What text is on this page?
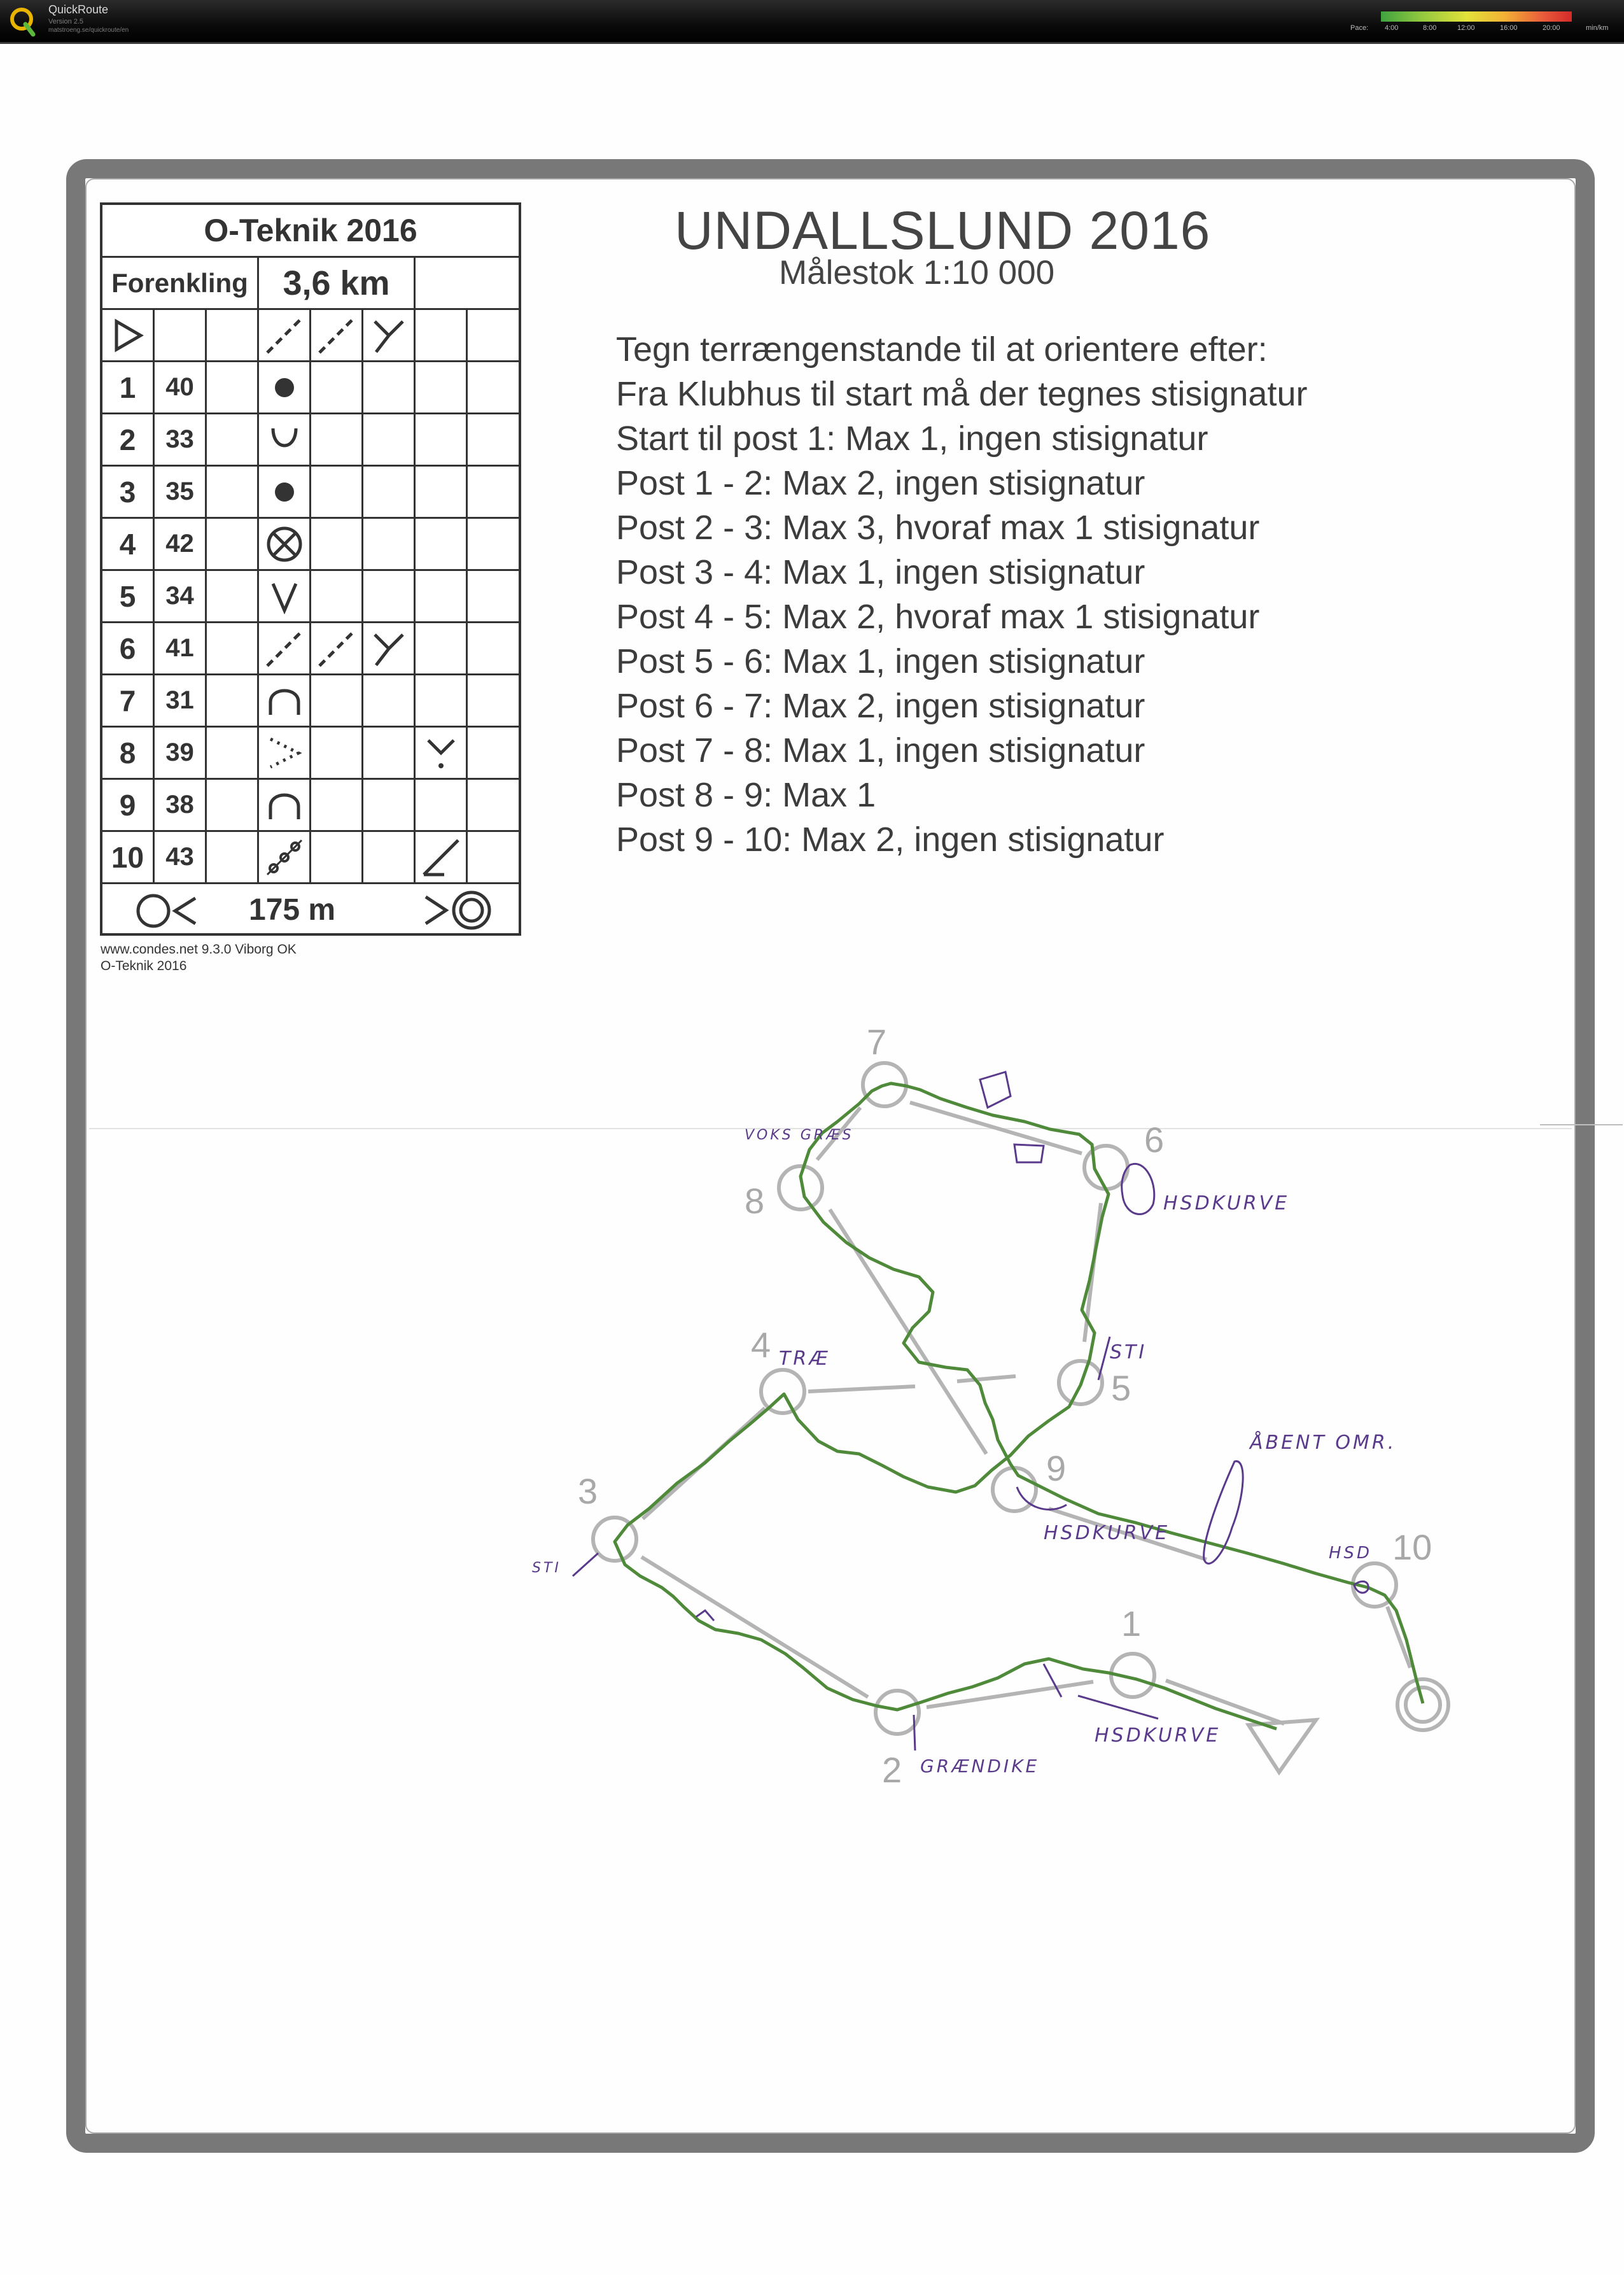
QuickRoute
Version 2.5
matstroeng.se/quickroute/en	Pace: 4:00	8:00	12:00	16:00	20:00	min/km
O-Teknik 2016
Forenkling	3,6 km
1	40
2	33
3	35
4	42
5	34
6	41
7	31
8	39
9	38
10 43
175 m
www.condes.net 9.3.0 Viborg OK
O-Teknik 2016
UNDALLSLUND 2016
Målestok 1:10 000
Tegn terrængenstande til at orientere efter:
Fra Klubhus til start må der tegnes stisignatur
Start til post 1: Max 1, ingen stisignatur
Post 1 - 2: Max 2, ingen stisignatur
Post 2 - 3: Max 3, hvoraf max 1 stisignatur
Post 3 - 4: Max 1, ingen stisignatur
Post 4 - 5: Max 2, hvoraf max 1 stisignatur
Post 5 - 6: Max 1, ingen stisignatur
Post 6 - 7: Max 2, ingen stisignatur
Post 7 - 8: Max 1, ingen stisignatur
Post 8 - 9: Max 1
Post 9 - 10: Max 2, ingen stisignatur
1
2
3
4
5
6
7
8
9
10
HSDKURVE
STI
TRÆ
VOKS GRÆS
ÅBENT OMR.
HSDKURVE
HSD
HSDKURVE
GRÆNDIKE
STI
